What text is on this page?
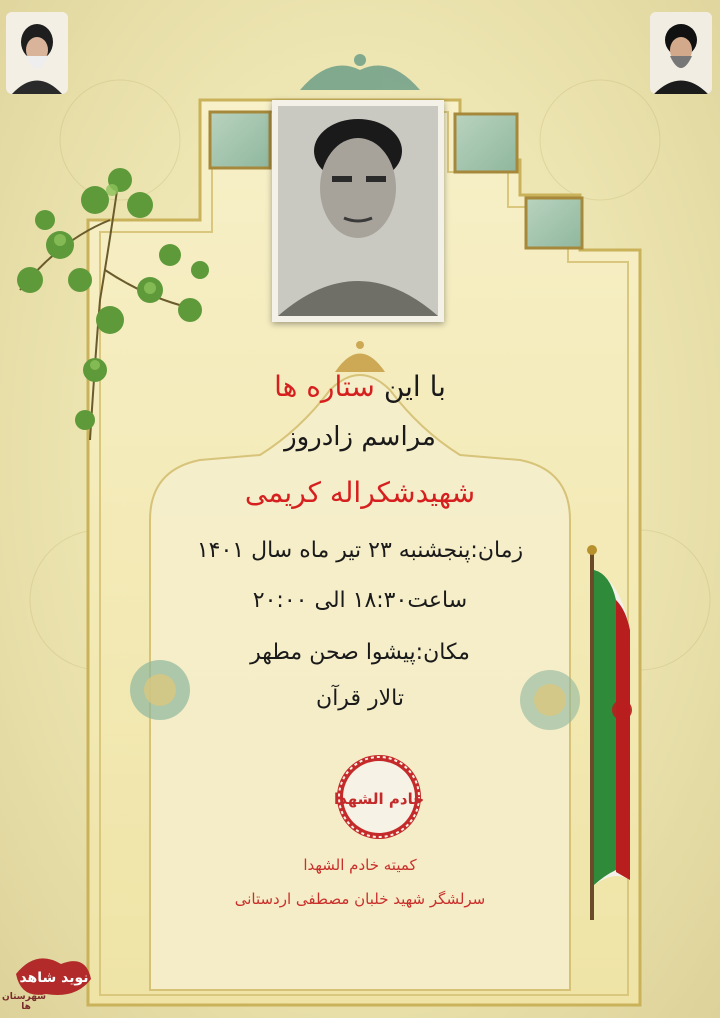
با این ستاره ها
مراسم زادروز
شهیدشکراله کریمی
زمان:پنجشنبه ۲۳ تیر ماه سال ۱۴۰۱
ساعت۱۸:۳۰ الی ۲۰:۰۰
مکان:پیشوا صحن مطهر
تالار قرآن
خادم الشهدا
کمیته خادم الشهدا
سرلشگر شهید خلبان مصطفی اردستانی
نوید شاهد
شهرستان ها
